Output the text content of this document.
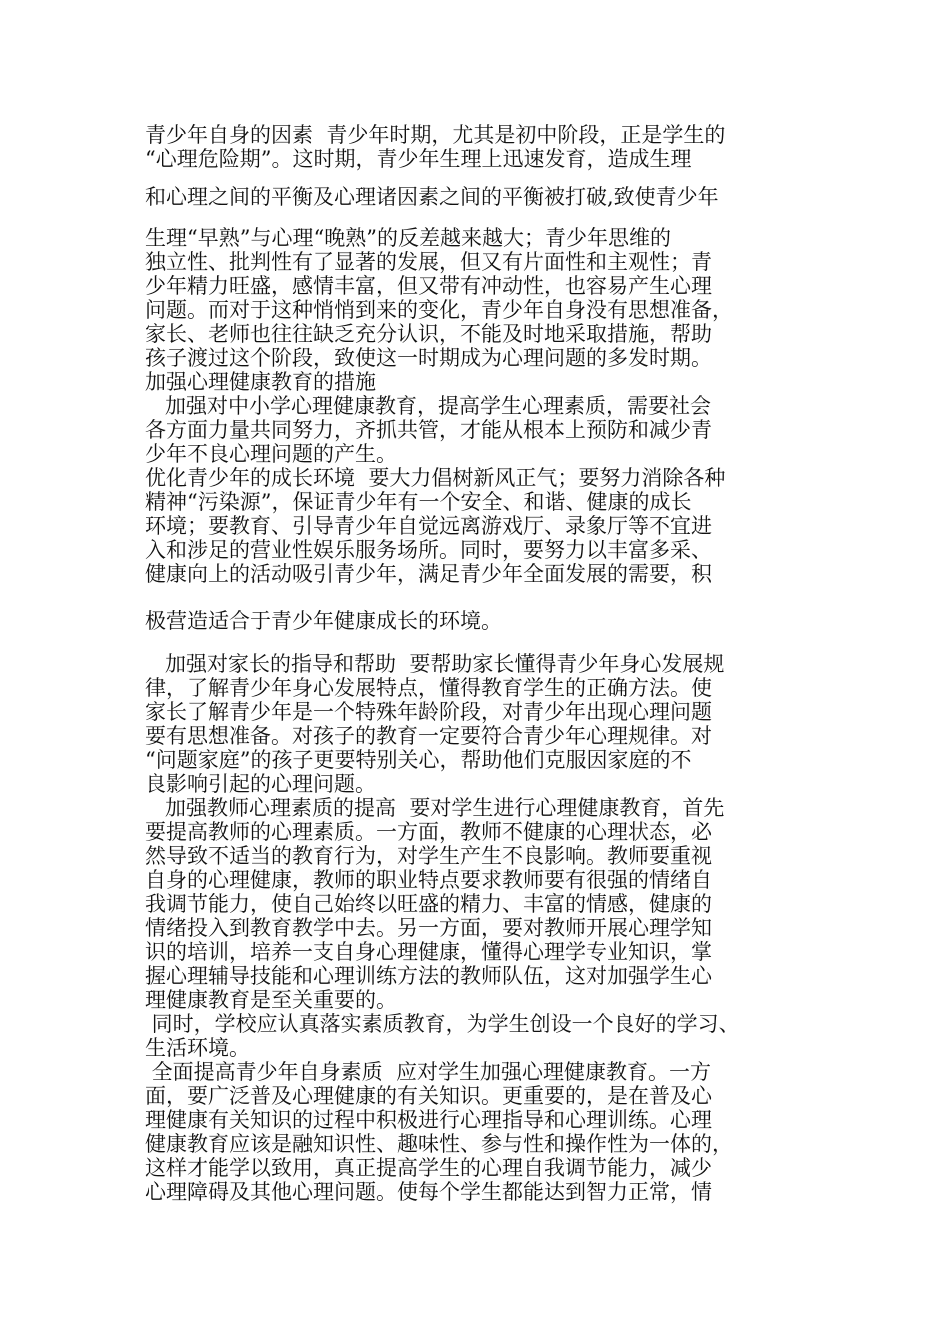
青少年自身的因素  青少年时期，尤其是初中阶段，正是学生的
“心理危险期”。这时期，青少年生理上迅速发育，造成生理
和心理之间的平衡及心理诸因素之间的平衡被打破,致使青少年
生理“早熟”与心理“晚熟”的反差越来越大；青少年思维的
独立性、批判性有了显著的发展，但又有片面性和主观性；青
少年精力旺盛，感情丰富，但又带有冲动性，也容易产生心理
问题。而对于这种悄悄到来的变化，青少年自身没有思想准备，
家长、老师也往往缺乏充分认识，不能及时地采取措施，帮助
孩子渡过这个阶段，致使这一时期成为心理问题的多发时期。
加强心理健康教育的措施
加强对中小学心理健康教育，提高学生心理素质，需要社会
各方面力量共同努力，齐抓共管，才能从根本上预防和减少青
少年不良心理问题的产生。
优化青少年的成长环境  要大力倡树新风正气；要努力消除各种
精神“污染源”，保证青少年有一个安全、和谐、健康的成长
环境；要教育、引导青少年自觉远离游戏厅、录象厅等不宜进
入和涉足的营业性娱乐服务场所。同时，要努力以丰富多采、
健康向上的活动吸引青少年，满足青少年全面发展的需要，积
极营造适合于青少年健康成长的环境。
加强对家长的指导和帮助  要帮助家长懂得青少年身心发展规
律，了解青少年身心发展特点，懂得教育学生的正确方法。使
家长了解青少年是一个特殊年龄阶段，对青少年出现心理问题
要有思想准备。对孩子的教育一定要符合青少年心理规律。对
“问题家庭”的孩子更要特别关心，帮助他们克服因家庭的不
良影响引起的心理问题。
加强教师心理素质的提高  要对学生进行心理健康教育，首先
要提高教师的心理素质。一方面，教师不健康的心理状态，必
然导致不适当的教育行为，对学生产生不良影响。教师要重视
自身的心理健康，教师的职业特点要求教师要有很强的情绪自
我调节能力，使自己始终以旺盛的精力、丰富的情感，健康的
情绪投入到教育教学中去。另一方面，要对教师开展心理学知
识的培训，培养一支自身心理健康，懂得心理学专业知识，掌
握心理辅导技能和心理训练方法的教师队伍，这对加强学生心
理健康教育是至关重要的。
同时，学校应认真落实素质教育，为学生创设一个良好的学习、
生活环境。
全面提高青少年自身素质  应对学生加强心理健康教育。一方
面，要广泛普及心理健康的有关知识。更重要的，是在普及心
理健康有关知识的过程中积极进行心理指导和心理训练。心理
健康教育应该是融知识性、趣味性、参与性和操作性为一体的，
这样才能学以致用，真正提高学生的心理自我调节能力，减少
心理障碍及其他心理问题。使每个学生都能达到智力正常，情
